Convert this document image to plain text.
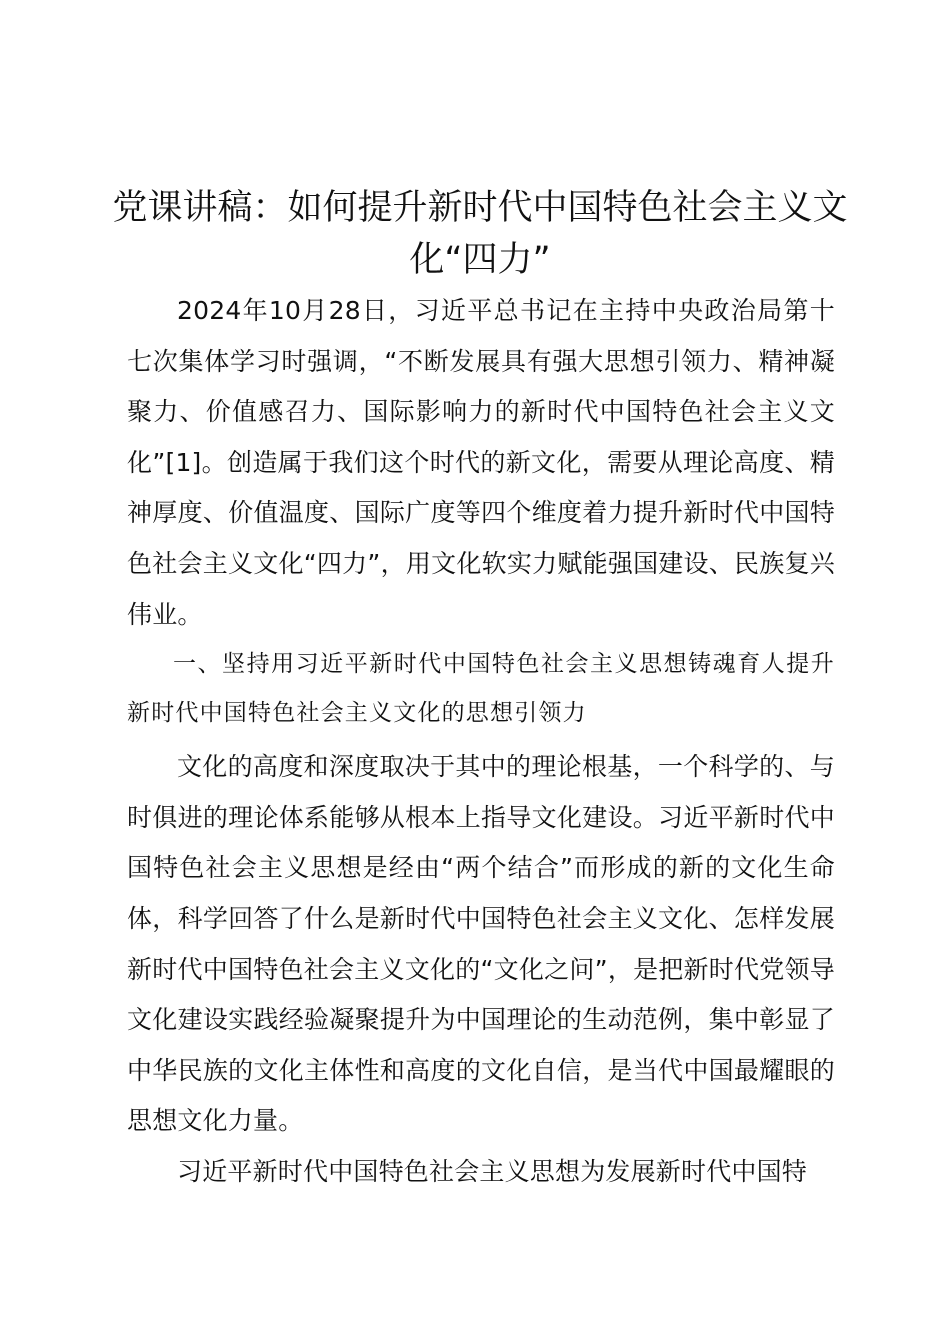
党课讲稿：如何提升新时代中国特色社会主义文化“四力”

2024年10月28日，习近平总书记在主持中央政治局第十七次集体学习时强调，“不断发展具有强大思想引领力、精神凝聚力、价值感召力、国际影响力的新时代中国特色社会主义文化”[1]。创造属于我们这个时代的新文化，需要从理论高度、精神厚度、价值温度、国际广度等四个维度着力提升新时代中国特色社会主义文化“四力”，用文化软实力赋能强国建设、民族复兴伟业。

一、坚持用习近平新时代中国特色社会主义思想铸魂育人提升新时代中国特色社会主义文化的思想引领力

文化的高度和深度取决于其中的理论根基，一个科学的、与时俱进的理论体系能够从根本上指导文化建设。习近平新时代中国特色社会主义思想是经由“两个结合”而形成的新的文化生命体，科学回答了什么是新时代中国特色社会主义文化、怎样发展新时代中国特色社会主义文化的“文化之问”，是把新时代党领导文化建设实践经验凝聚提升为中国理论的生动范例，集中彰显了中华民族的文化主体性和高度的文化自信，是当代中国最耀眼的思想文化力量。

习近平新时代中国特色社会主义思想为发展新时代中国特
